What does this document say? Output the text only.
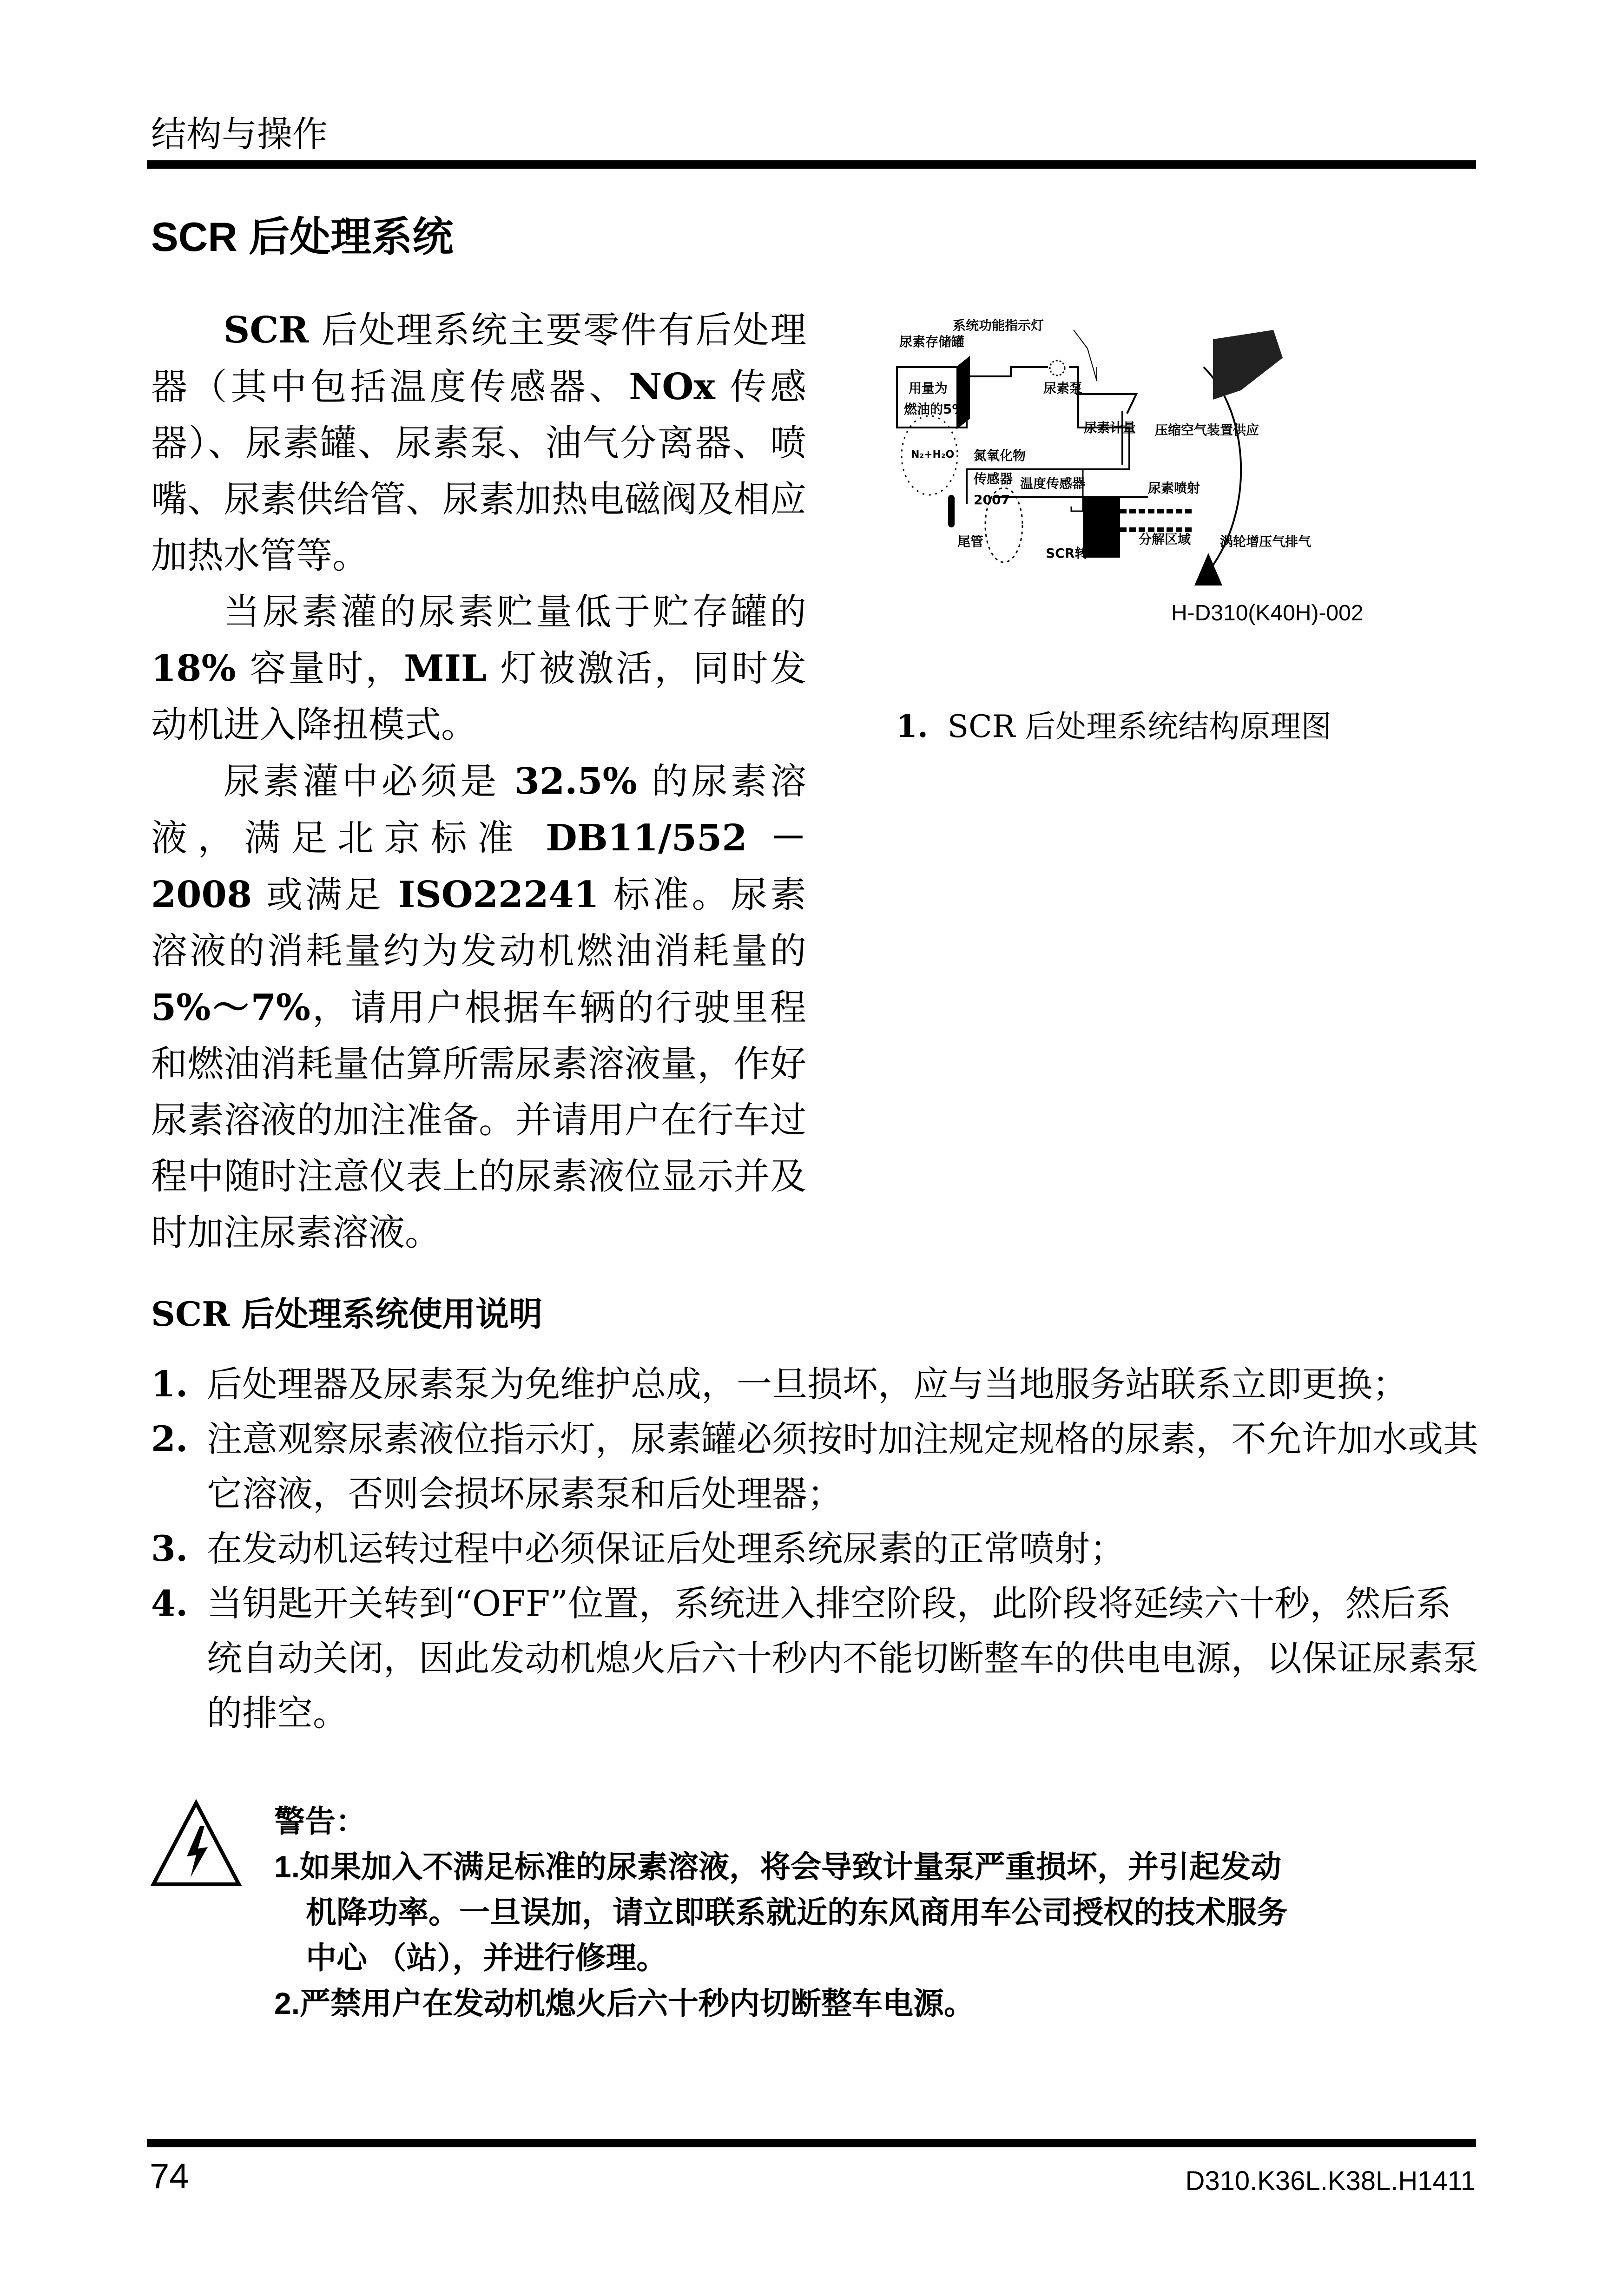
结构与操作
SCR 后处理系统

SCR 后处理系统主要零件有后处理器（其中包括温度传感器、NOx 传感器）、尿素罐、尿素泵、油气分离器、喷嘴、尿素供给管、尿素加热电磁阀及相应加热水管等。

当尿素灌的尿素贮量低于贮存罐的 18% 容量时，MIL 灯被激活，同时发动机进入降扭模式。

尿素灌中必须是 32.5% 的尿素溶液，满足北京标准 DB11/552 － 2008 或满足 ISO22241 标准。尿素溶液的消耗量约为发动机燃油消耗量的5%～7%，请用户根据车辆的行驶里程和燃油消耗量估算所需尿素溶液量，作好尿素溶液的加注准备。并请用户在行车过程中随时注意仪表上的尿素液位显示并及时加注尿素溶液。

系统功能指示灯
尿素存储罐
用量为
燃油的5%
尿素泵
尿素计量 压缩空气装置供应
氮氧化物
传感器
2007
温度传感器	尿素喷射
N₂+H₂O
尾管
SCR转
分解区域 涡轮增压气排气
H-D310(K40H)-002
1. SCR 后处理系统结构原理图
SCR 后处理系统使用说明
1. 后处理器及尿素泵为免维护总成，一旦损坏，应与当地服务站联系立即更换；
2. 注意观察尿素液位指示灯，尿素罐必须按时加注规定规格的尿素，不允许加水或其它溶液，否则会损坏尿素泵和后处理器；
3. 在发动机运转过程中必须保证后处理系统尿素的正常喷射；
4. 当钥匙开关转到“OFF”位置，系统进入排空阶段，此阶段将延续六十秒，然后系统自动关闭，因此发动机熄火后六十秒内不能切断整车的供电电源，以保证尿素泵的排空。
警告：
1.如果加入不满足标准的尿素溶液，将会导致计量泵严重损坏，并引起发动
机降功率。一旦误加，请立即联系就近的东风商用车公司授权的技术服务
中心 （站），并进行修理。
2.严禁用户在发动机熄火后六十秒内切断整车电源。
74	D310.K36L.K38L.H1411
